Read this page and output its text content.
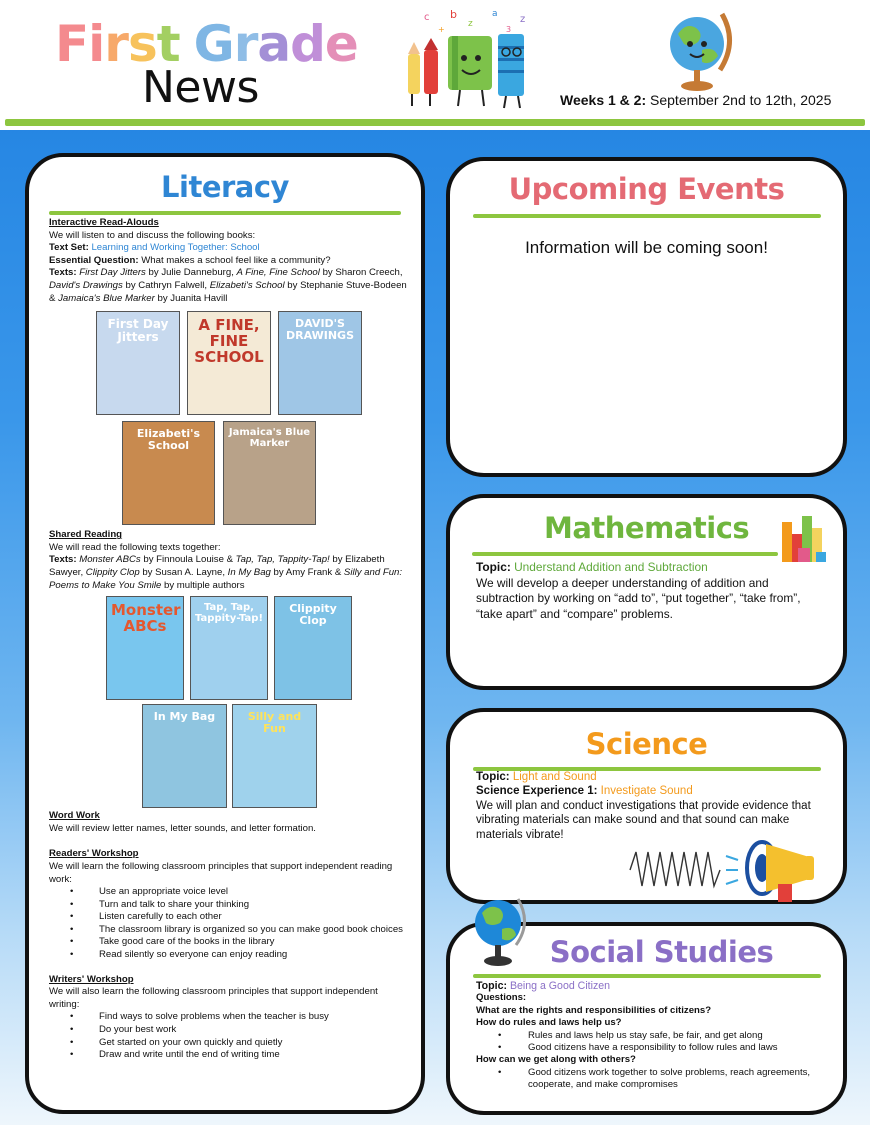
First Grade
News
c b
z
a z
+	3
Weeks 1 & 2: September 2nd to 12th, 2025
Literacy
Interactive Read-Alouds
We will listen to and discuss the following books:
Text Set: Learning and Working Together: School
Essential Question: What makes a school feel like a community?
Texts: First Day Jitters by Julie Danneburg, A Fine, Fine School by Sharon Creech, David's Drawings by Cathryn Falwell, Elizabeti's School by Stephanie Stuve-Bodeen & Jamaica's Blue Marker by Juanita Havill
First Day Jitters
A FINE, FINE SCHOOL
DAVID'S DRAWINGS
Elizabeti's School
Jamaica's Blue Marker
Shared Reading
We will read the following texts together:
Texts: Monster ABCs by Finnoula Louise & Tap, Tap, Tappity-Tap! by Elizabeth Sawyer, Clippity Clop by Susan A. Layne, In My Bag by Amy Frank & Silly and Fun: Poems to Make You Smile by multiple authors
Monster ABCs
Tap, Tap, Tappity-Tap!
Clippity Clop
In My Bag	Silly and Fun
Word Work
We will review letter names, letter sounds, and letter formation.
Readers' Workshop
We will learn the following classroom principles that support independent reading work:
• Use an appropriate voice level
• Turn and talk to share your thinking
• Listen carefully to each other
• The classroom library is organized so you can make good book choices
• Take good care of the books in the library
• Read silently so everyone can enjoy reading
Writers' Workshop
We will also learn the following classroom principles that support independent writing:
• Find ways to solve problems when the teacher is busy
• Do your best work
• Get started on your own quickly and quietly
• Draw and write until the end of writing time
Upcoming Events
Information will be coming soon!
Mathematics
Topic: Understand Addition and Subtraction
We will develop a deeper understanding of addition and subtraction by working on “add to”, “put together”, “take from”, “take apart” and “compare” problems.
Science
Topic: Light and Sound
Science Experience 1: Investigate Sound
We will plan and conduct investigations that provide evidence that vibrating materials can make sound and that sound can make materials vibrate!
Social Studies
Topic: Being a Good Citizen
Questions:
What are the rights and responsibilities of citizens?
How do rules and laws help us?
• Rules and laws help us stay safe, be fair, and get along
• Good citizens have a responsibility to follow rules and laws
How can we get along with others?
• Good citizens work together to solve problems, reach agreements, cooperate, and make compromises
